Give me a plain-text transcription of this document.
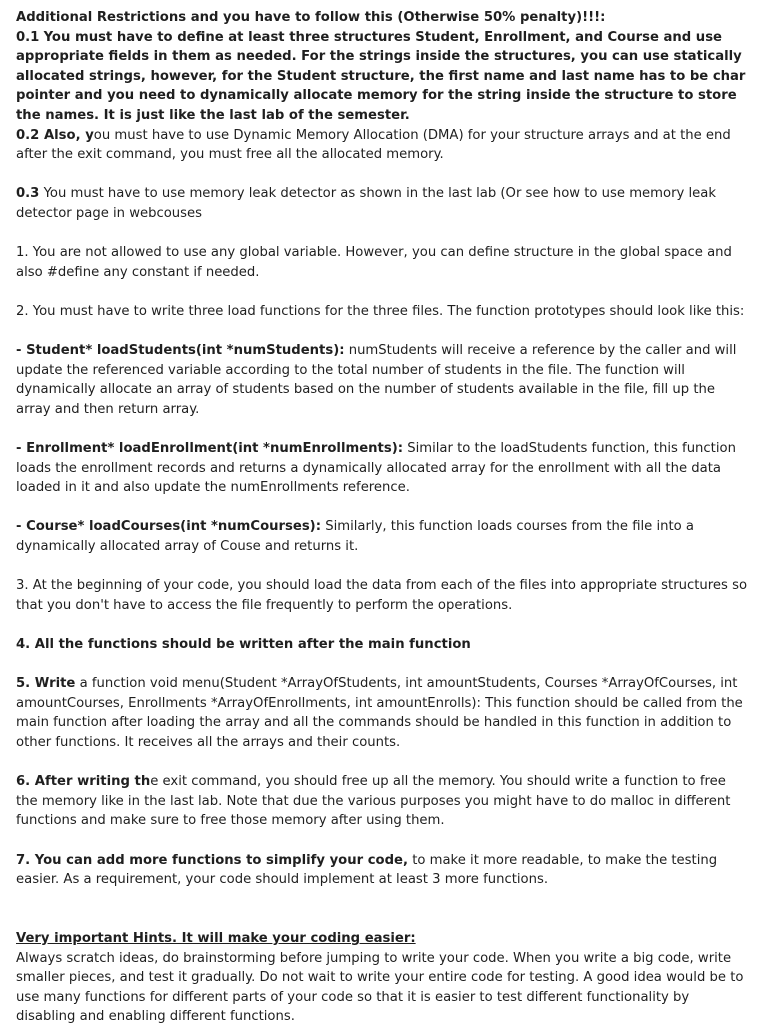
Additional Restrictions and you have to follow this (Otherwise 50% penalty)!!!:
0.1 You must have to define at least three structures Student, Enrollment, and Course and use appropriate fields in them as needed. For the strings inside the structures, you can use statically allocated strings, however, for the Student structure, the first name and last name has to be char pointer and you need to dynamically allocate memory for the string inside the structure to store the names. It is just like the last lab of the semester.
0.2 Also, you must have to use Dynamic Memory Allocation (DMA) for your structure arrays and at the end after the exit command, you must free all the allocated memory.

0.3 You must have to use memory leak detector as shown in the last lab (Or see how to use memory leak detector page in webcouses

1. You are not allowed to use any global variable. However, you can define structure in the global space and also #define any constant if needed.

2. You must have to write three load functions for the three files. The function prototypes should look like this:

- Student* loadStudents(int *numStudents): numStudents will receive a reference by the caller and will update the referenced variable according to the total number of students in the file. The function will dynamically allocate an array of students based on the number of students available in the file, fill up the array and then return array.

- Enrollment* loadEnrollment(int *numEnrollments): Similar to the loadStudents function, this function loads the enrollment records and returns a dynamically allocated array for the enrollment with all the data loaded in it and also update the numEnrollments reference.

- Course* loadCourses(int *numCourses): Similarly, this function loads courses from the file into a dynamically allocated array of Couse and returns it.

3. At the beginning of your code, you should load the data from each of the files into appropriate structures so that you don't have to access the file frequently to perform the operations.

4. All the functions should be written after the main function

5. Write a function void menu(Student *ArrayOfStudents, int amountStudents, Courses *ArrayOfCourses, int amountCourses, Enrollments *ArrayOfEnrollments, int amountEnrolls): This function should be called from the main function after loading the array and all the commands should be handled in this function in addition to other functions. It receives all the arrays and their counts.

6. After writing the exit command, you should free up all the memory. You should write a function to free the memory like in the last lab. Note that due the various purposes you might have to do malloc in different functions and make sure to free those memory after using them.

7. You can add more functions to simplify your code, to make it more readable, to make the testing easier. As a requirement, your code should implement at least 3 more functions.

Very important Hints. It will make your coding easier:
Always scratch ideas, do brainstorming before jumping to write your code. When you write a big code, write smaller pieces, and test it gradually. Do not wait to write your entire code for testing. A good idea would be to use many functions for different parts of your code so that it is easier to test different functionality by disabling and enabling different functions.
